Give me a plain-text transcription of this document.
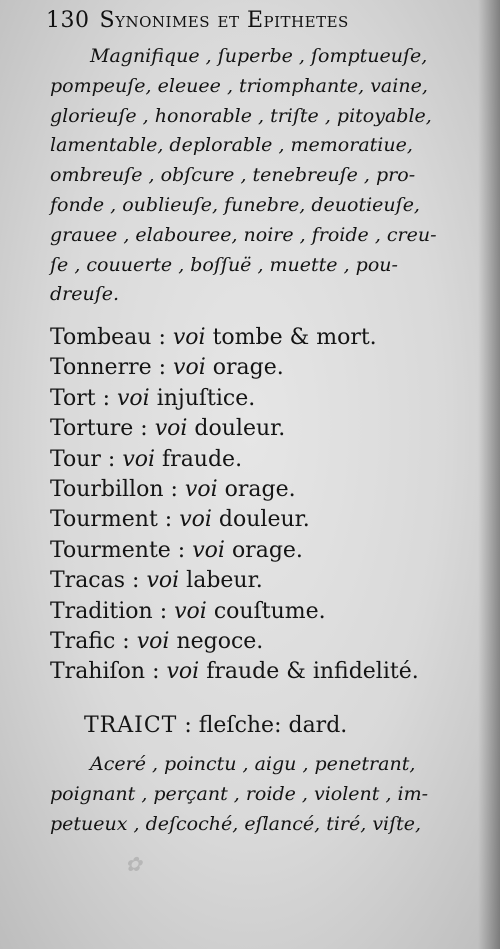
130 Synonimes et Epithetes

Magnifique , ſuperbe , ſomptueuſe,

pompeuſe, eleuee , triomphante, vaine,

glorieuſe , honorable , triſte , pitoyable,

lamentable, deplorable , memoratiue,

ombreuſe , obſcure , tenebreuſe , pro-

fonde , oublieuſe, funebre, deuotieuſe,

grauee , elabouree, noire , froide , creu-

ſe , couuerte , boſſuë , muette , pou-

dreuſe.

Tombeau : voi tombe & mort.
Tonnerre : voi orage.
Tort : voi injuſtice.
Torture : voi douleur.
Tour : voi fraude.
Tourbillon : voi orage.
Tourment : voi douleur.
Tourmente : voi orage.
Tracas : voi labeur.
Tradition : voi couſtume.
Trafic : voi negoce.
Trahiſon : voi fraude & infidelité.
TRAICT : fleſche: dard.

Aceré , poinctu , aigu , penetrant,

poignant , perçant , roide , violent , im-

petueux , deſcoché, eſlancé, tiré, viſte,

✿
